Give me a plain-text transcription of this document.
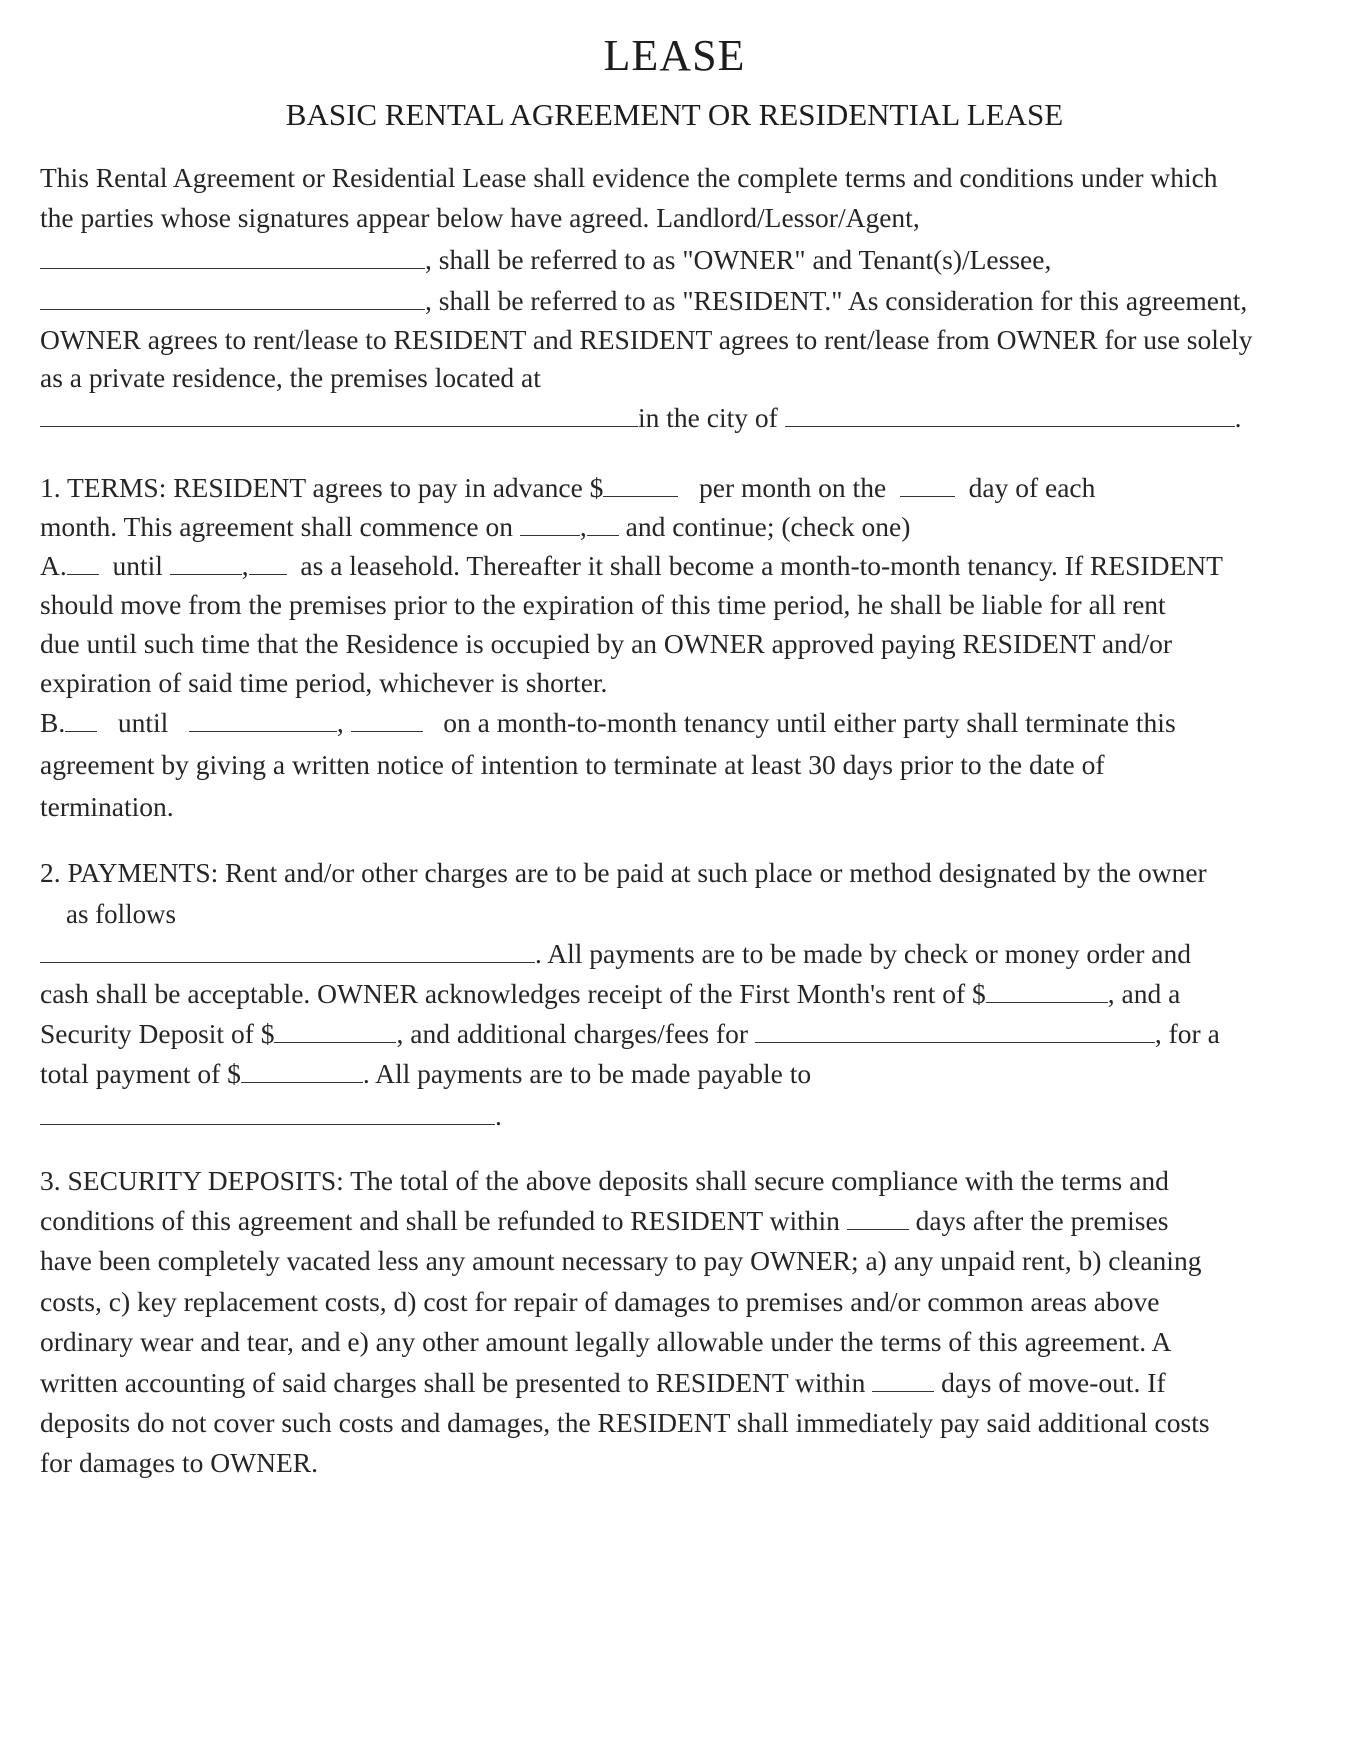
LEASE
BASIC RENTAL AGREEMENT OR RESIDENTIAL LEASE
This Rental Agreement or Residential Lease shall evidence the complete terms and conditions under which
the parties whose signatures appear below have agreed. Landlord/Lessor/Agent,
, shall be referred to as "OWNER" and Tenant(s)/Lessee,
, shall be referred to as "RESIDENT." As consideration for this agreement,
OWNER agrees to rent/lease to RESIDENT and RESIDENT agrees to rent/lease from OWNER for use solely
as a private residence, the premises located at
in the city of	.
1. TERMS: RESIDENT agrees to pay in advance $	per month on the	day of each
month. This agreement shall commence on , and continue; (check one)
A. until	, as a leasehold. Thereafter it shall become a month-to-month tenancy. If RESIDENT
should move from the premises prior to the expiration of this time period, he shall be liable for all rent
due until such time that the Residence is occupied by an OWNER approved paying RESIDENT and/or
expiration of said time period, whichever is shorter.
B. until	,	on a month-to-month tenancy until either party shall terminate this
agreement by giving a written notice of intention to terminate at least 30 days prior to the date of
termination.
2. PAYMENTS: Rent and/or other charges are to be paid at such place or method designated by the owner
as follows
. All payments are to be made by check or money order and
cash shall be acceptable. OWNER acknowledges receipt of the First Month's rent of $	, and a
Security Deposit of $	, and additional charges/fees for	, for a
total payment of $	. All payments are to be made payable to
.
3. SECURITY DEPOSITS: The total of the above deposits shall secure compliance with the terms and
conditions of this agreement and shall be refunded to RESIDENT within	days after the premises
have been completely vacated less any amount necessary to pay OWNER; a) any unpaid rent, b) cleaning
costs, c) key replacement costs, d) cost for repair of damages to premises and/or common areas above
ordinary wear and tear, and e) any other amount legally allowable under the terms of this agreement. A
written accounting of said charges shall be presented to RESIDENT within	days of move-out. If
deposits do not cover such costs and damages, the RESIDENT shall immediately pay said additional costs
for damages to OWNER.
